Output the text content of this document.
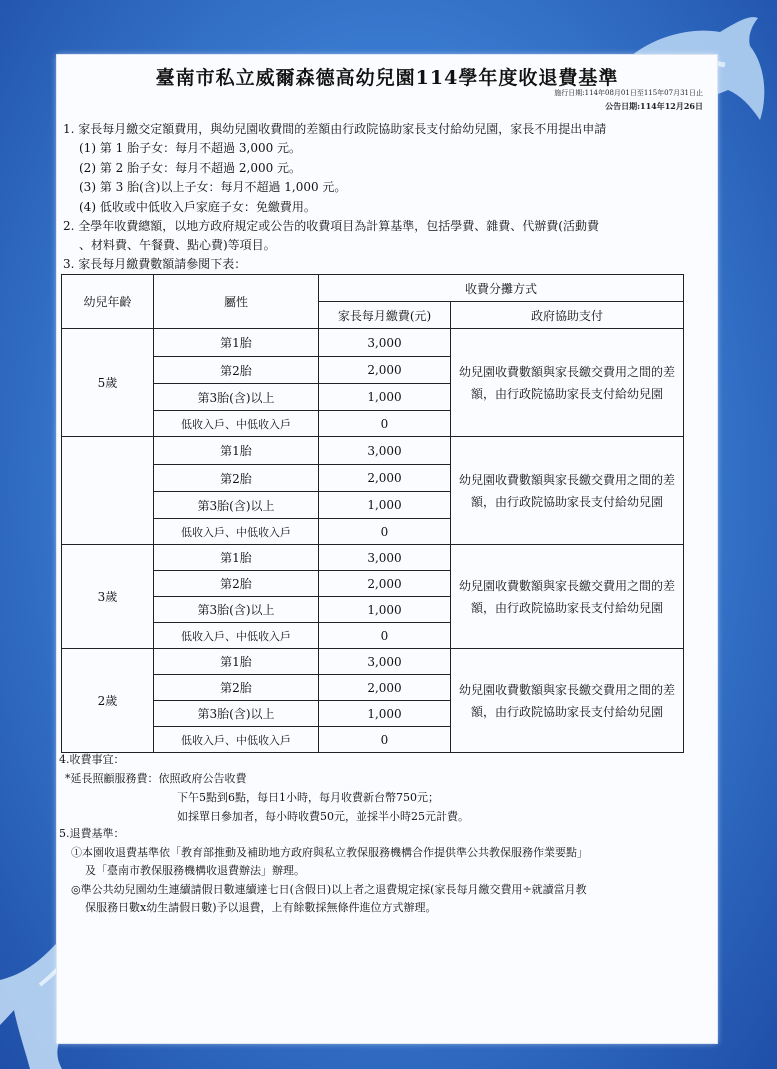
臺南市私立威爾森德高幼兒園114學年度收退費基準
施行日期:114年08月01日至115年07月31日止
公告日期:114年12月26日
1. 家長每月繳交定額費用，與幼兒園收費間的差額由行政院協助家長支付給幼兒園，家長不用提出申請
(1) 第 1 胎子女：每月不超過 3,000 元。
(2) 第 2 胎子女：每月不超過 2,000 元。
(3) 第 3 胎(含)以上子女：每月不超過 1,000 元。
(4) 低收或中低收入戶家庭子女：免繳費用。
2. 全學年收費總額，以地方政府規定或公告的收費項目為計算基準，包括學費、雜費、代辦費(活動費
、材料費、午餐費、點心費)等項目。
3. 家長每月繳費數額請參閱下表：
幼兒年齡	屬性	收費分攤方式	
		家長每月繳費(元)	政府協助支付
5歲	第1胎	3,000	幼兒園收費數額與家長繳交費用之間的差額，由行政院協助家長支付給幼兒園
	第2胎	2,000	
	第3胎(含)以上	1,000	
	低收入戶、中低收入戶	0	
	第1胎	3,000	幼兒園收費數額與家長繳交費用之間的差額，由行政院協助家長支付給幼兒園
	第2胎	2,000	
	第3胎(含)以上	1,000	
	低收入戶、中低收入戶	0	
3歲	第1胎	3,000	幼兒園收費數額與家長繳交費用之間的差額，由行政院協助家長支付給幼兒園
	第2胎	2,000	
	第3胎(含)以上	1,000	
	低收入戶、中低收入戶	0	
2歲	第1胎	3,000	幼兒園收費數額與家長繳交費用之間的差額，由行政院協助家長支付給幼兒園
	第2胎	2,000	
	第3胎(含)以上	1,000	
	低收入戶、中低收入戶	0	
4.收費事宜：
*延長照顧服務費：依照政府公告收費
下午5點到6點，每日1小時，每月收費新台幣750元；
如採單日參加者，每小時收費50元，並採半小時25元計費。
5.退費基準：
①本園收退費基準依「教育部推動及補助地方政府與私立教保服務機構合作提供準公共教保服務作業要點」
及「臺南市教保服務機構收退費辦法」辦理。
◎準公共幼兒園幼生連續請假日數連續達七日(含假日)以上者之退費規定採(家長每月繳交費用÷就讀當月教
保服務日數x幼生請假日數)予以退費，上有餘數採無條件進位方式辦理。
